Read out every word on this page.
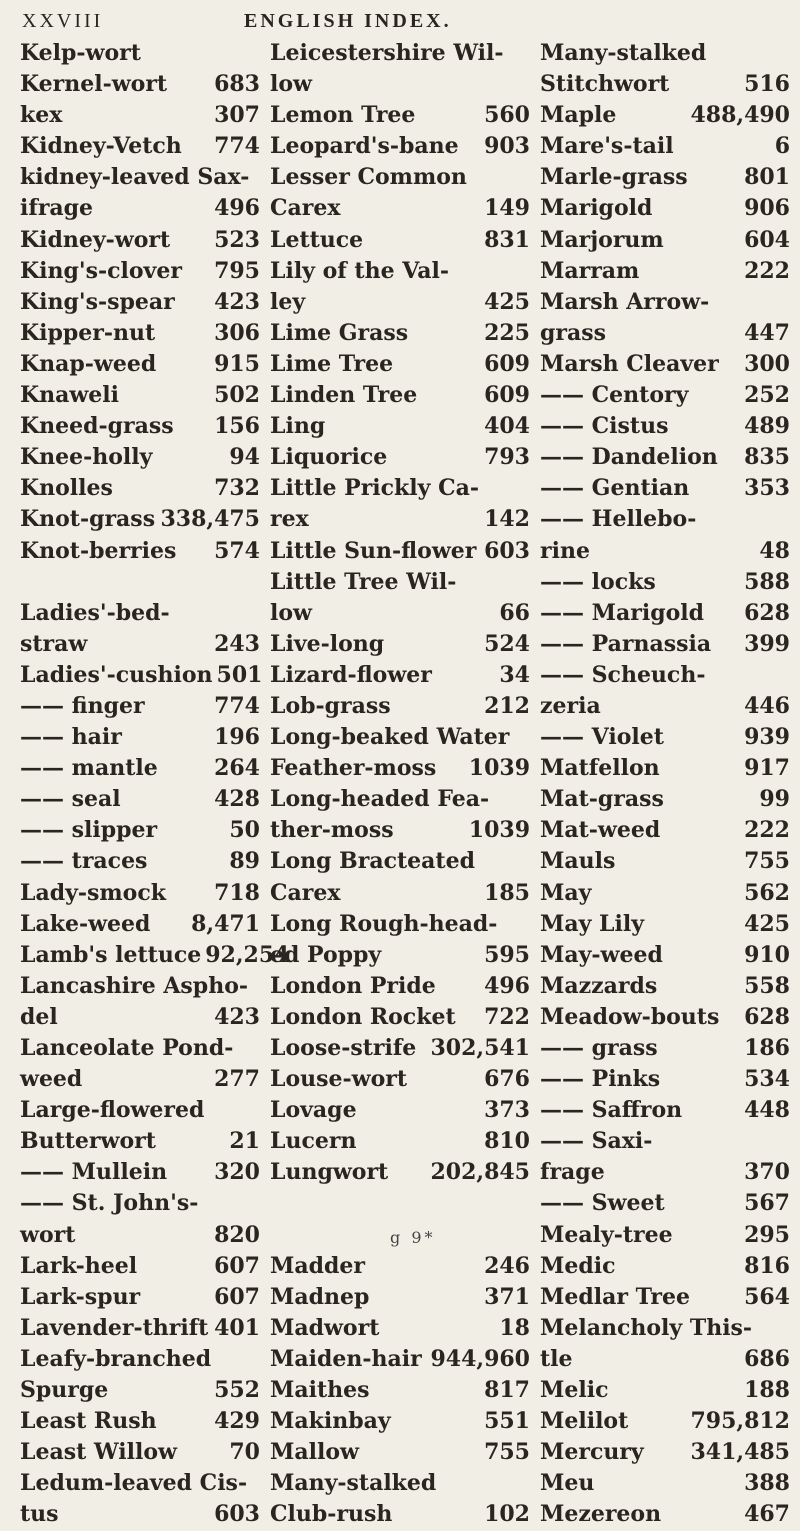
XXVIII	ENGLISH INDEX.
Kelp-wort
Kernel-wort 683
kex	307
Kidney-Vetch 774
kidney-leaved Sax-
ifrage	496
Kidney-wort 523
King's-clover 795
King's-spear 423
Kipper-nut	306
Knap-weed	915
Knaweli	502
Kneed-grass 156
Knee-holly	94
Knolles	732
Knot-grass 338,475
Knot-berries 574
Ladies'-bed-
straw	243
Ladies'-cushion 501
—— finger	774
—— hair	196
—— mantle	264
—— seal	428
—— slipper	50
—— traces	89
Lady-smock 718
Lake-weed 8,471
Lamb's lettuce 92,254
Lancashire Aspho-
del	423
Lanceolate Pond-
weed	277
Large-flowered
Butterwort	21
—— Mullein 320
—— St. John's-
wort	820
Lark-heel	607
Lark-spur	607
Lavender-thrift 401
Leafy-branched
Spurge	552
Least Rush	429
Least Willow 70
Ledum-leaved Cis-
tus	603
Leicestershire Wil-
low
Lemon Tree	560
Leopard's-bane 903
Lesser Common
Carex	149
Lettuce	831
Lily of the Val-
ley	425
Lime Grass	225
Lime Tree	609
Linden Tree	609
Ling	404
Liquorice	793
Little Prickly Ca-
rex	142
Little Sun-flower 603
Little Tree Wil-
low	66
Live-long	524
Lizard-flower	34
Lob-grass	212
Long-beaked Water
Feather-moss 1039
Long-headed Fea-
ther-moss	1039
Long Bracteated
Carex	185
Long Rough-head-
ed Poppy	595
London Pride 496
London Rocket 722
Loose-strife 302,541
Louse-wort	676
Lovage	373
Lucern	810
Lungwort 202,845
Madder	246
Madnep	371
Madwort	18
Maiden-hair 944,960
Maithes	817
Makinbay	551
Mallow	755
Many-stalked
Club-rush	102
Many-stalked
Stitchwort	516
Maple	488,490
Mare's-tail	6
Marle-grass	801
Marigold	906
Marjorum	604
Marram	222
Marsh Arrow-
grass	447
Marsh Cleaver 300
—— Centory	252
—— Cistus	489
—— Dandelion 835
—— Gentian 353
—— Hellebo-
rine	48
—— locks	588
—— Marigold 628
—— Parnassia 399
—— Scheuch-
zeria	446
—— Violet	939
Matfellon	917
Mat-grass	99
Mat-weed	222
Mauls	755
May	562
May Lily	425
May-weed	910
Mazzards	558
Meadow-bouts 628
—— grass	186
—— Pinks	534
—— Saffron	448
—— Saxi-
frage	370
—— Sweet	567
Mealy-tree	295
Medic	816
Medlar Tree 564
Melancholy This-
tle	686
Melic	188
Melilot	795,812
Mercury 341,485
Meu	388
Mezereon	467
g 9*
